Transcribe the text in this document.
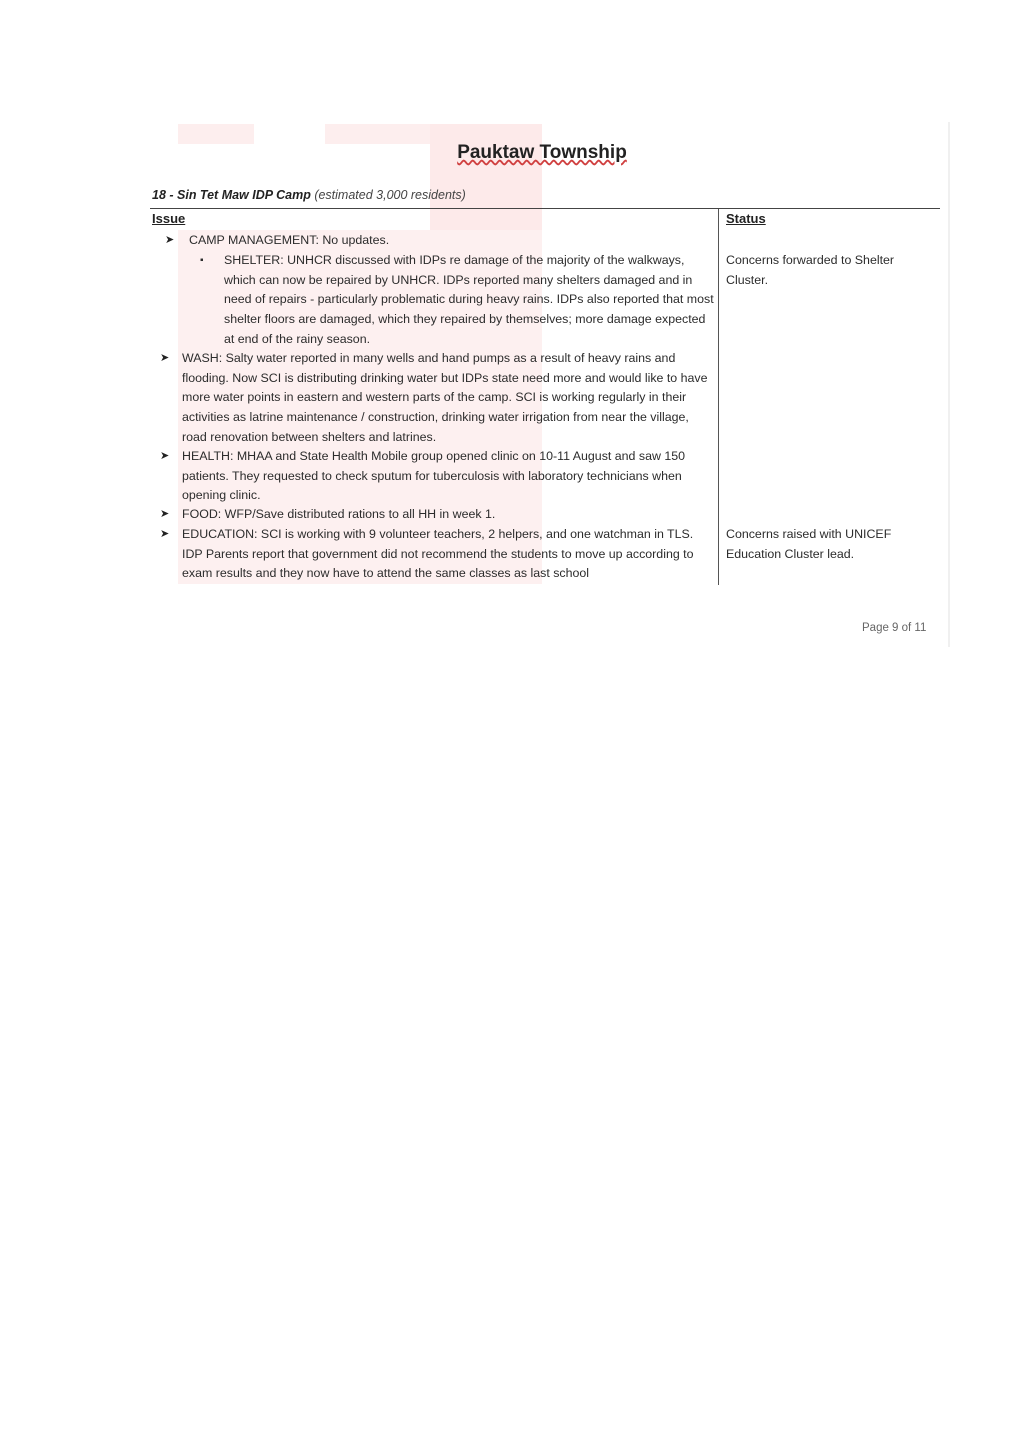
Pauktaw Township
18 - Sin Tet Maw IDP Camp (estimated 3,000 residents)
Issue	Status
➤ CAMP MANAGEMENT: No updates.
▪ SHELTER: UNHCR discussed with IDPs re damage of the majority of the walkways, which can now be repaired by UNHCR. IDPs reported many shelters damaged and in need of repairs - particularly problematic during heavy rains. IDPs also reported that most shelter floors are damaged, which they repaired by themselves; more damage expected at end of the rainy season.
➤ WASH: Salty water reported in many wells and hand pumps as a result of heavy rains and flooding. Now SCI is distributing drinking water but IDPs state need more and would like to have more water points in eastern and western parts of the camp. SCI is working regularly in their activities as latrine maintenance / construction, drinking water irrigation from near the village, road renovation between shelters and latrines.
➤ HEALTH: MHAA and State Health Mobile group opened clinic on 10-11 August and saw 150 patients. They requested to check sputum for tuberculosis with laboratory technicians when opening clinic.
➤ FOOD: WFP/Save distributed rations to all HH in week 1.
➤ EDUCATION: SCI is working with 9 volunteer teachers, 2 helpers, and one watchman in TLS. IDP Parents report that government did not recommend the students to move up according to exam results and they now have to attend the same classes as last school
Concerns forwarded to Shelter Cluster.
Concerns raised with UNICEF Education Cluster lead.
Page 9 of 11
